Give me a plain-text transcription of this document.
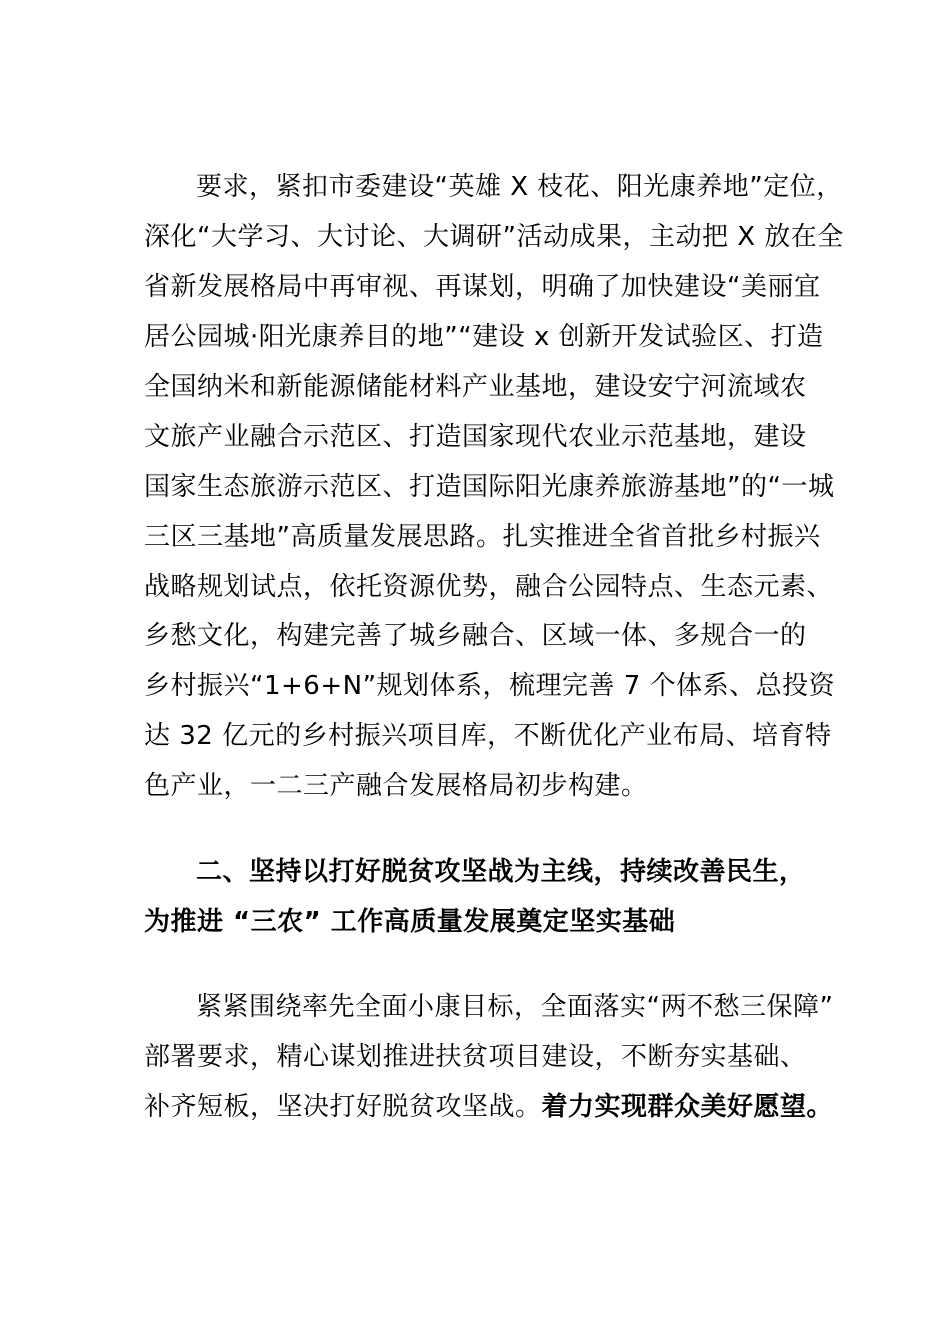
要求，紧扣市委建设“英雄 X 枝花、阳光康养地”定位，
深化“大学习、大讨论、大调研”活动成果，主动把 X 放在全
省新发展格局中再审视、再谋划，明确了加快建设“美丽宜
居公园城·阳光康养目的地”“建设 x 创新开发试验区、打造
全国纳米和新能源储能材料产业基地，建设安宁河流域农
文旅产业融合示范区、打造国家现代农业示范基地，建设
国家生态旅游示范区、打造国际阳光康养旅游基地”的“一城
三区三基地”高质量发展思路。扎实推进全省首批乡村振兴
战略规划试点，依托资源优势，融合公园特点、生态元素、
乡愁文化，构建完善了城乡融合、区域一体、多规合一的
乡村振兴“1+6+N”规划体系，梳理完善 7 个体系、总投资
达 32 亿元的乡村振兴项目库，不断优化产业布局、培育特
色产业，一二三产融合发展格局初步构建。
二、坚持以打好脱贫攻坚战为主线，持续改善民生，
为推进 “三农” 工作高质量发展奠定坚实基础
紧紧围绕率先全面小康目标，全面落实“两不愁三保障”
部署要求，精心谋划推进扶贫项目建设，不断夯实基础、
补齐短板，坚决打好脱贫攻坚战。着力实现群众美好愿望。
